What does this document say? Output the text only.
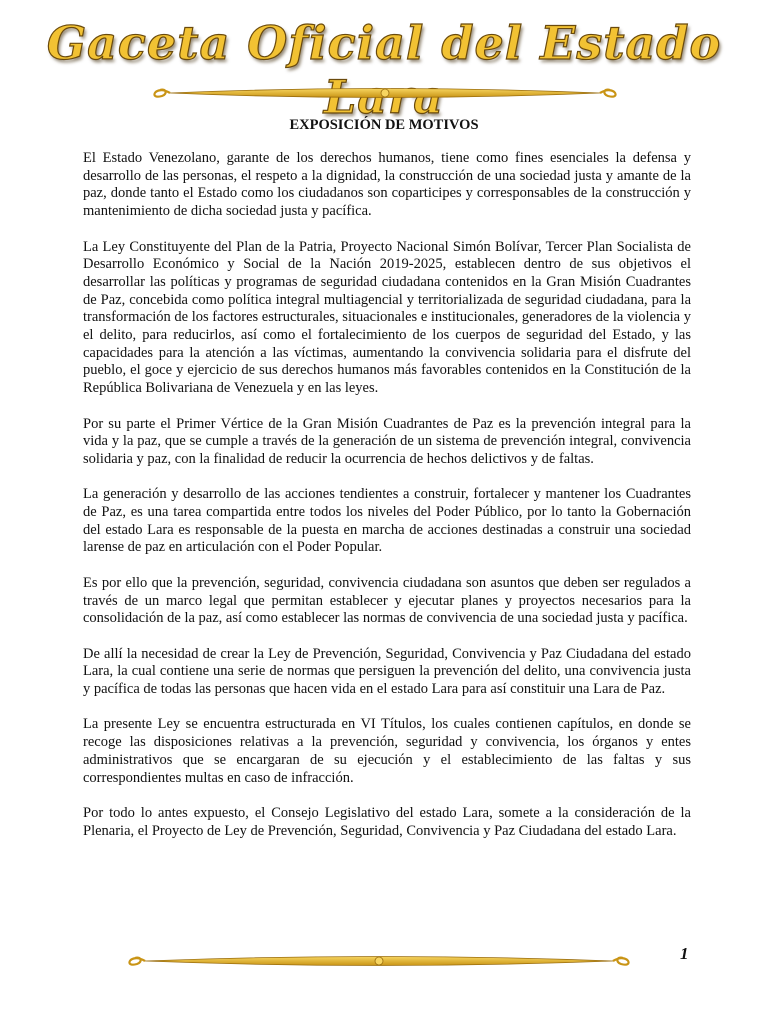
Gaceta Oficial del Estado
EXPOSICIÓN DE MOTIVOS

El Estado Venezolano, garante de los derechos humanos, tiene como fines esenciales la defensa y desarrollo de las personas, el respeto a la dignidad, la construcción de una sociedad justa y amante de la paz, donde tanto el Estado como los ciudadanos son coparticipes y corresponsables de la construcción y mantenimiento de dicha sociedad justa y pacífica.

La Ley Constituyente del Plan de la Patria, Proyecto Nacional Simón Bolívar, Tercer Plan Socialista de Desarrollo Económico y Social de la Nación 2019-2025, establecen dentro de sus objetivos el desarrollar las políticas y programas de seguridad ciudadana contenidos en la Gran Misión Cuadrantes de Paz, concebida como política integral multiagencial y territorializada de seguridad ciudadana, para la transformación de los factores estructurales, situacionales e institucionales, generadores de la violencia y el delito, para reducirlos, así como el fortalecimiento de los cuerpos de seguridad del Estado, y las capacidades para la atención a las víctimas, aumentando la convivencia solidaria para el disfrute del pueblo, el goce y ejercicio de sus derechos humanos más favorables contenidos en la Constitución de la República Bolivariana de Venezuela y en las leyes.

Por su parte el Primer Vértice de la Gran Misión Cuadrantes de Paz es la prevención integral para la vida y la paz, que se cumple a través de la generación de un sistema de prevención integral, convivencia solidaria y paz, con la finalidad de reducir la ocurrencia de hechos delictivos y de faltas.

La generación y desarrollo de las acciones tendientes a construir, fortalecer y mantener los Cuadrantes de Paz, es una tarea compartida entre todos los niveles del Poder Público, por lo tanto la Gobernación del estado Lara es responsable de la puesta en marcha de acciones destinadas a construir una sociedad larense de paz en articulación con el Poder Popular.

Es por ello que la prevención, seguridad, convivencia ciudadana son asuntos que deben ser regulados a través de un marco legal que permitan establecer y ejecutar planes y proyectos necesarios para la consolidación de la paz, así como establecer las normas de convivencia de una sociedad justa y pacífica.

De allí la necesidad de crear la Ley de Prevención, Seguridad, Convivencia y Paz Ciudadana del estado Lara, la cual contiene una serie de normas que persiguen la prevención del delito, una convivencia justa y pacífica de todas las personas que hacen vida en el estado Lara para así constituir una Lara de Paz.

La presente Ley se encuentra estructurada en VI Títulos, los cuales contienen capítulos, en donde se recoge las disposiciones relativas a la prevención, seguridad y convivencia, los órganos y entes administrativos que se encargaran de su ejecución y el establecimiento de las faltas y sus correspondientes multas en caso de infracción.

Por todo lo antes expuesto, el Consejo Legislativo del estado Lara, somete a la consideración de la Plenaria, el Proyecto de Ley de Prevención, Seguridad, Convivencia y Paz Ciudadana del estado Lara.

1
